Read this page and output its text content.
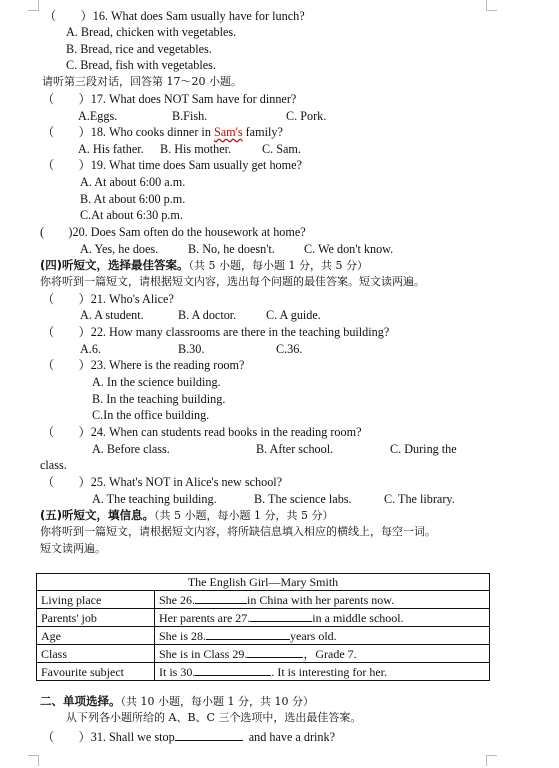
（　　）16. What does Sam usually have for lunch?
A. Bread, chicken with vegetables.
B. Bread, rice and vegetables.
C. Bread, fish with vegetables.
请听第三段对话，回答第 17～20 小题。
（　　）17. What does NOT Sam have for dinner?
A.Eggs.	B.Fish.	C. Pork.
（　　）18. Who cooks dinner in Sam's family?
A. His father. B. His mother.	C. Sam.
（　　）19. What time does Sam usually get home?
A. At about 6:00 a.m.
B. At about 6:00 p.m.
C.At about 6:30 p.m.
(　　)20. Does Sam often do the housework at home?
A. Yes, he does. B. No, he doesn't. C. We don't know.
(四)听短文，选择最佳答案。（共 5 小题，每小题 1 分，共 5 分）
你将听到一篇短文，请根据短文内容，选出每个问题的最佳答案。短文读两遍。
（　　）21. Who's Alice?
A. A student.	B. A doctor. C. A guide.
（　　）22. How many classrooms are there in the teaching building?
A.6.	B.30.	C.36.
（　　）23. Where is the reading room?
A. In the science building.
B. In the teaching building.
C.In the office building.
（　　）24. When can students read books in the reading room?
A. Before class.	B. After school.	C. During the
class.
（　　）25. What's NOT in Alice's new school?
A. The teaching building.	B. The science labs.	C. The library.
(五)听短文，填信息。（共 5 小题，每小题 1 分，共 5 分）
你将听到一篇短文，请根据短文内容，将所缺信息填入相应的横线上，每空一词。
短文读两遍。
The English Girl—Mary Smith	
Living place	She 26. in China with her parents now.
Parents' job	Her parents are 27. in a middle school.
Age	She is 28. years old.
Class	She is in Class 29. ，Grade 7.
Favourite subject	It is 30. . It is interesting for her.
二、单项选择。（共 10 小题，每小题 1 分，共 10 分）
从下列各小题所给的 A、B、C 三个选项中，选出最佳答案。
（　　）31. Shall we stop	and have a drink?
